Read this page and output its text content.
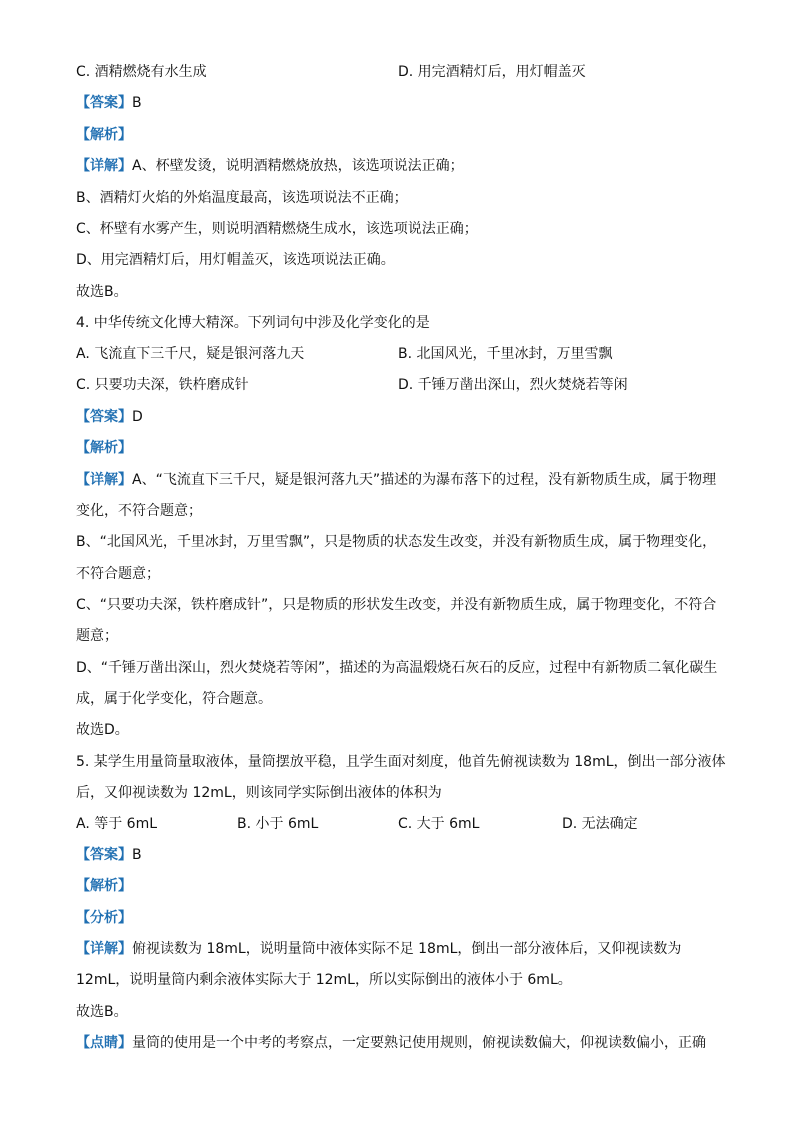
C. 酒精燃烧有水生成	D. 用完酒精灯后，用灯帽盖灭
【答案】B
【解析】
【详解】A、杯壁发烫，说明酒精燃烧放热，该选项说法正确；
B、酒精灯火焰的外焰温度最高，该选项说法不正确；
C、杯壁有水雾产生，则说明酒精燃烧生成水，该选项说法正确；
D、用完酒精灯后，用灯帽盖灭，该选项说法正确。
故选B。
4. 中华传统文化博大精深。下列词句中涉及化学变化的是
A. 飞流直下三千尺，疑是银河落九天	B. 北国风光，千里冰封，万里雪飘
C. 只要功夫深，铁杵磨成针	D. 千锤万凿出深山，烈火焚烧若等闲
【答案】D
【解析】
【详解】A、“飞流直下三千尺，疑是银河落九天”描述的为瀑布落下的过程，没有新物质生成，属于物理
变化，不符合题意；
B、“北国风光，千里冰封，万里雪飘”，只是物质的状态发生改变，并没有新物质生成，属于物理变化，
不符合题意；
C、“只要功夫深，铁杵磨成针”，只是物质的形状发生改变，并没有新物质生成，属于物理变化，不符合
题意；
D、“千锤万凿出深山，烈火焚烧若等闲”，描述的为高温煅烧石灰石的反应，过程中有新物质二氧化碳生
成，属于化学变化，符合题意。
故选D。
5. 某学生用量筒量取液体，量筒摆放平稳，且学生面对刻度，他首先俯视读数为 18mL，倒出一部分液体
后，又仰视读数为 12mL，则该同学实际倒出液体的体积为
A. 等于 6mL	B. 小于 6mL	C. 大于 6mL	D. 无法确定
【答案】B
【解析】
【分析】
【详解】俯视读数为 18mL，说明量筒中液体实际不足 18mL，倒出一部分液体后，又仰视读数为
12mL，说明量筒内剩余液体实际大于 12mL，所以实际倒出的液体小于 6mL。
故选B。
【点睛】量筒的使用是一个中考的考察点，一定要熟记使用规则，俯视读数偏大，仰视读数偏小，正确
